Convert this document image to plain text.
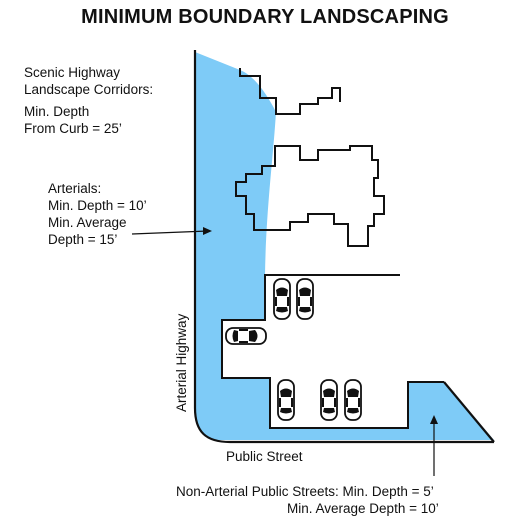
MINIMUM BOUNDARY LANDSCAPING
Scenic Highway
Landscape Corridors:
Min. Depth
From Curb = 25’
Arterials:
Min. Depth = 10’
Min. Average
Depth = 15’
Arterial Highway
Public Street
Non-Arterial Public Streets: Min. Depth = 5’
Min. Average Depth = 10’
